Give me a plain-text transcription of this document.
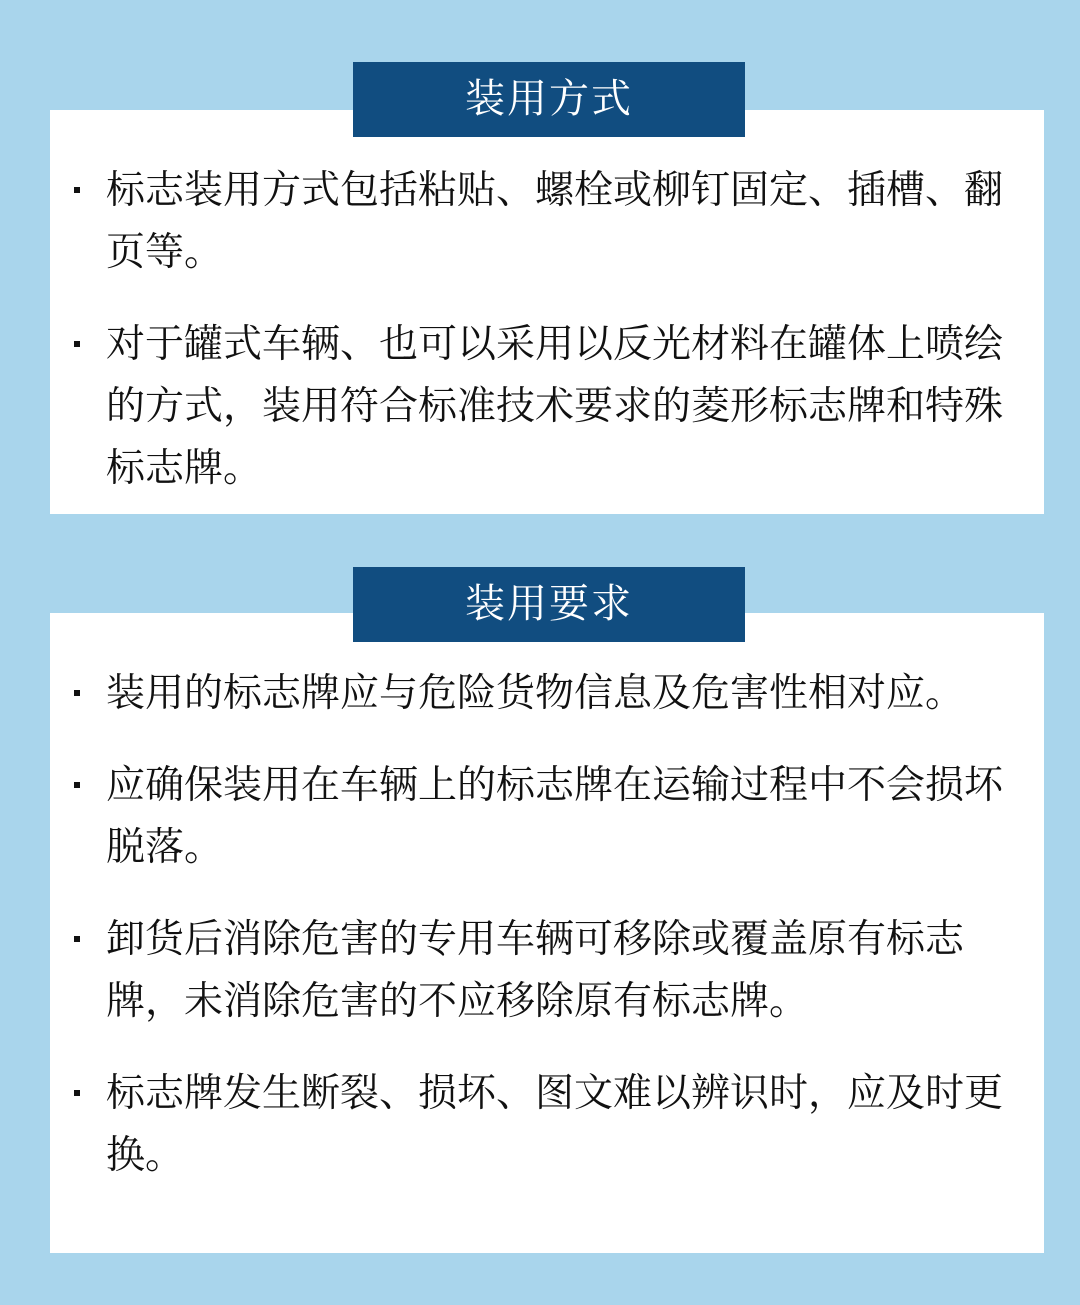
标志装用方式包括粘贴、螺栓或柳钉固定、插槽、翻页等。
对于罐式车辆、也可以采用以反光材料在罐体上喷绘的方式，装用符合标准技术要求的菱形标志牌和特殊标志牌。
装用方式
装用的标志牌应与危险货物信息及危害性相对应。
应确保装用在车辆上的标志牌在运输过程中不会损坏脱落。
卸货后消除危害的专用车辆可移除或覆盖原有标志牌，未消除危害的不应移除原有标志牌。
标志牌发生断裂、损坏、图文难以辨识时，应及时更换。
装用要求
